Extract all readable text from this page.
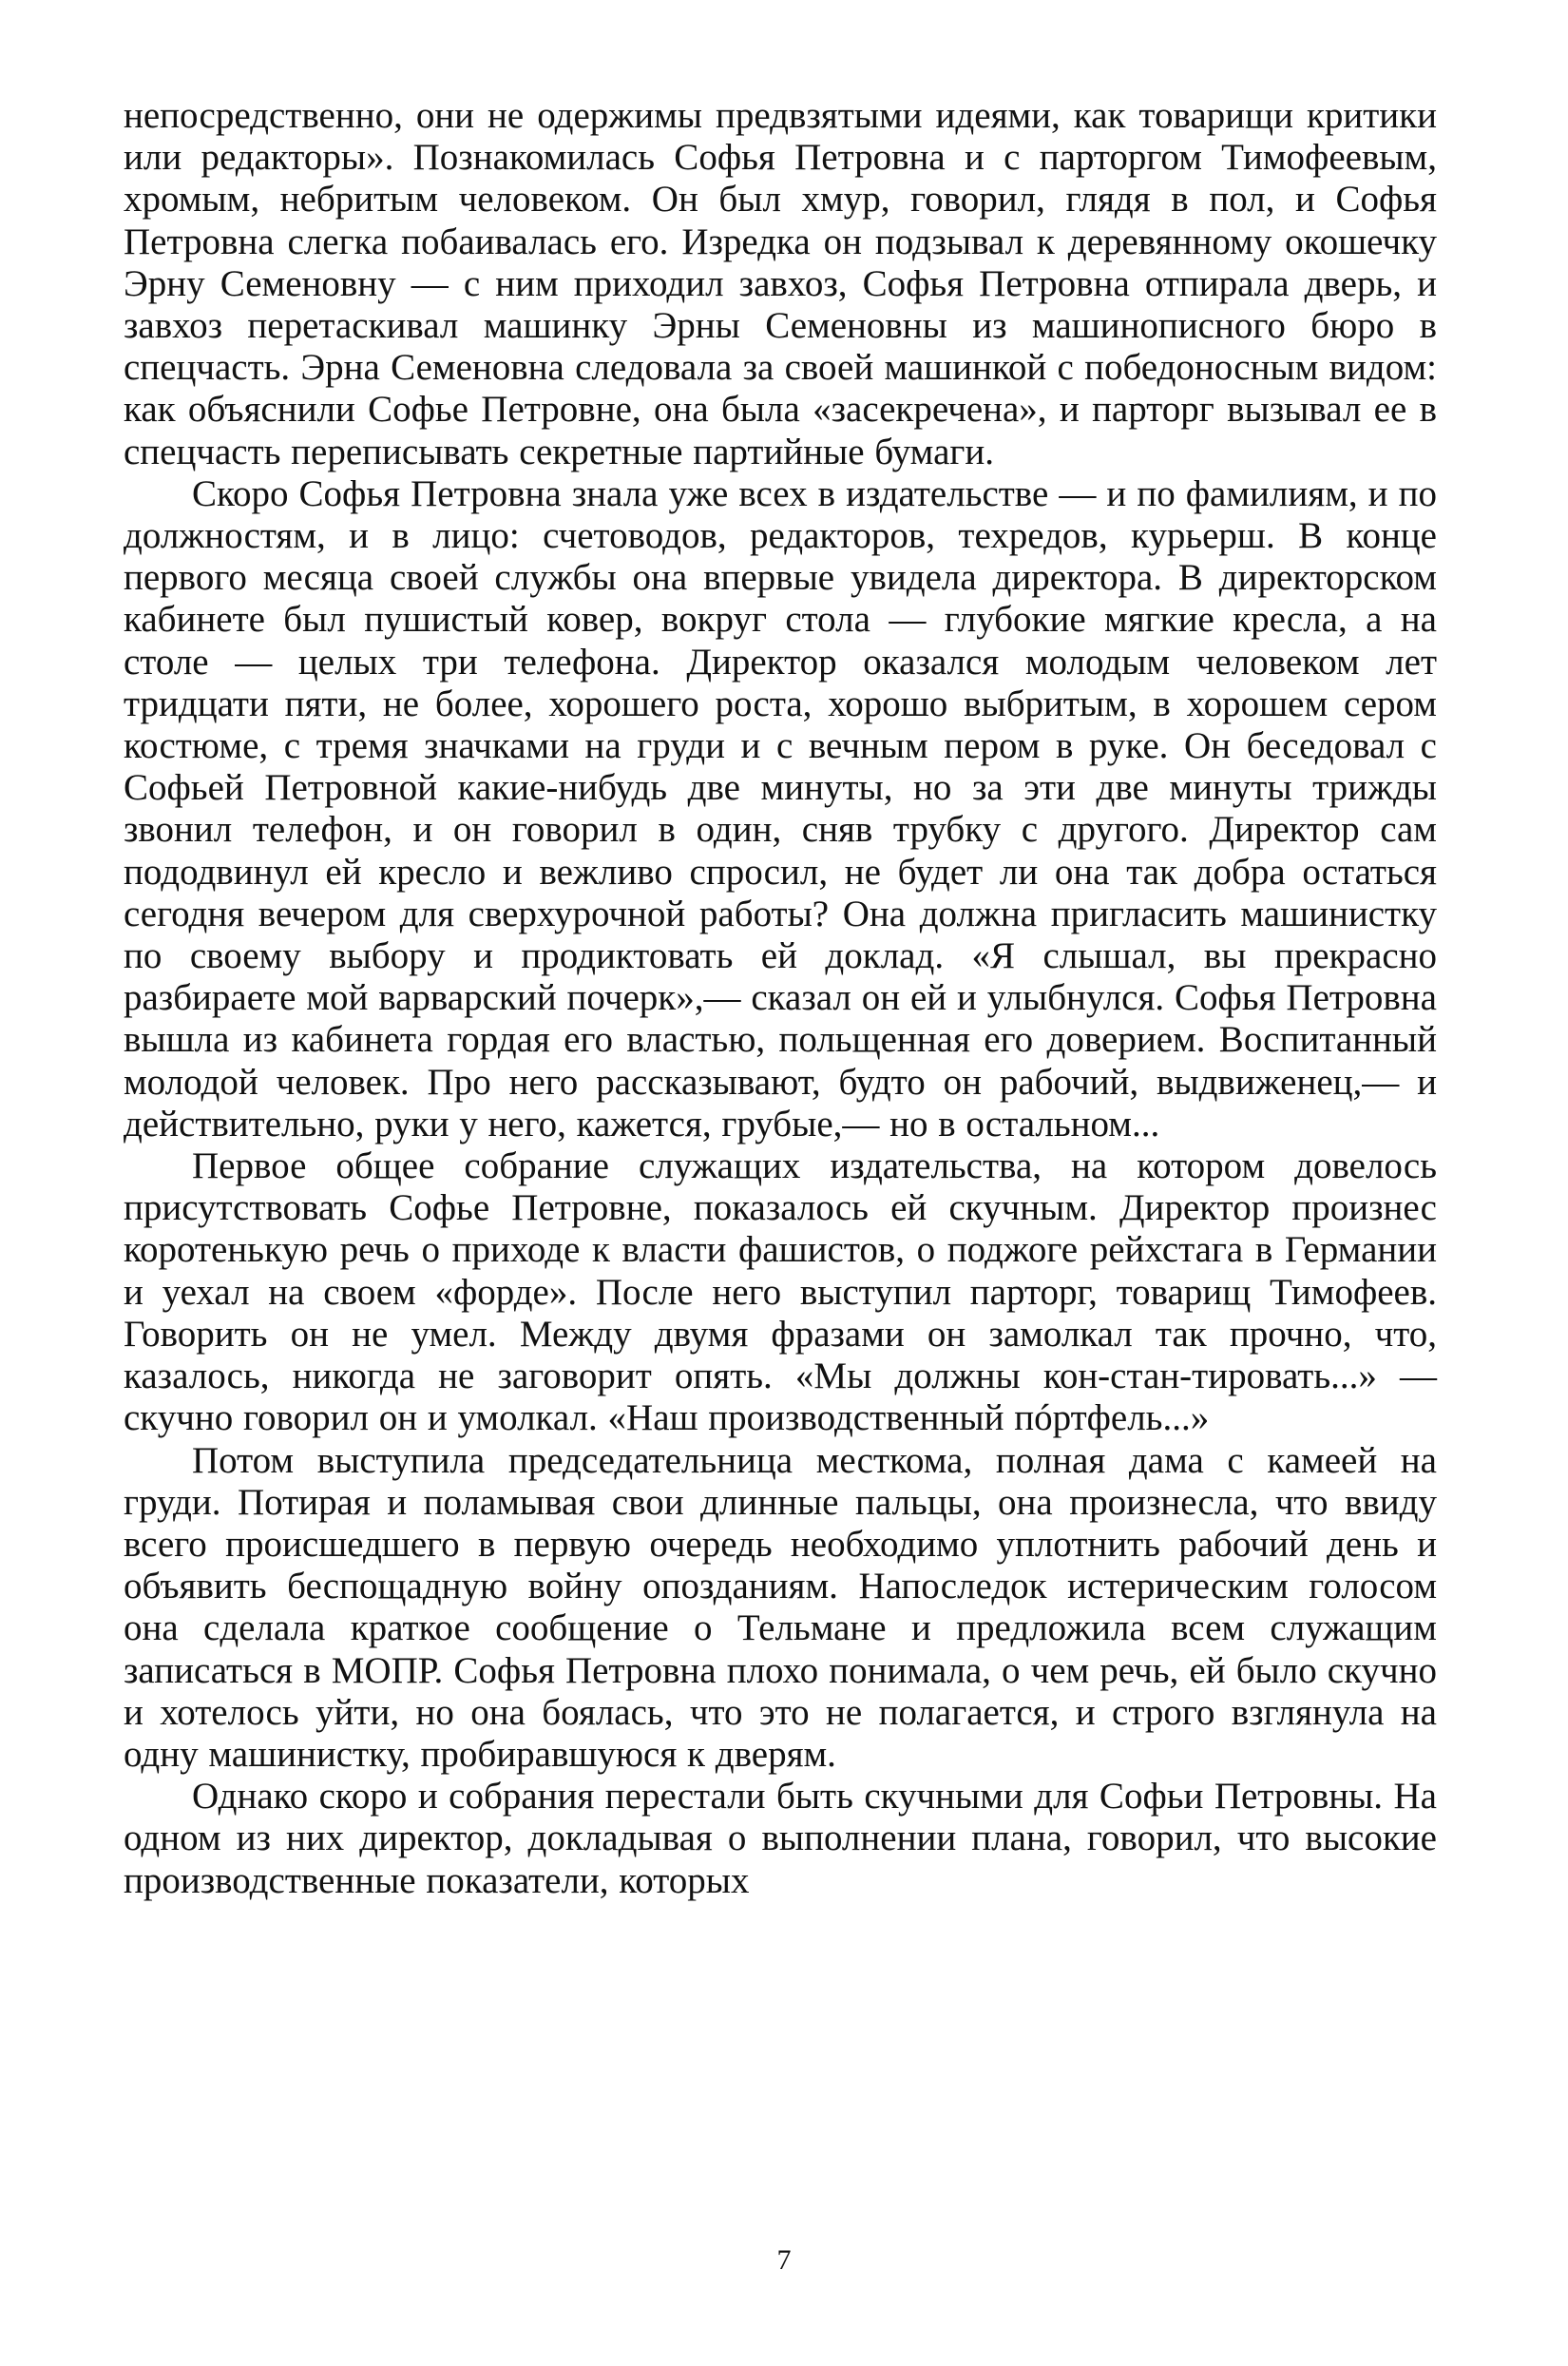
непосредственно, они не одержимы предвзятыми идеями, как товарищи критики или редакторы». Познакомилась Софья Петровна и с парторгом Тимофеевым, хромым, небритым человеком. Он был хмур, говорил, глядя в пол, и Софья Петровна слегка побаивалась его. Изредка он подзывал к деревянному окошечку Эрну Семеновну — с ним приходил завхоз, Софья Петровна отпирала дверь, и завхоз перетаскивал машинку Эрны Семеновны из машинописного бюро в спецчасть. Эрна Семеновна следовала за своей машинкой с победоносным видом: как объяснили Софье Петровне, она была «засекречена», и парторг вызывал ее в спецчасть переписывать секретные партийные бумаги.

Скоро Софья Петровна знала уже всех в издательстве — и по фамилиям, и по должностям, и в лицо: счетоводов, редакторов, техредов, курьерш. В конце первого месяца своей службы она впервые увидела директора. В директорском кабинете был пушистый ковер, вокруг стола — глубокие мягкие кресла, а на столе — целых три телефона. Директор оказался молодым человеком лет тридцати пяти, не более, хорошего роста, хорошо выбритым, в хорошем сером костюме, с тремя значками на груди и с вечным пером в руке. Он беседовал с Софьей Петровной какие-нибудь две минуты, но за эти две минуты трижды звонил телефон, и он говорил в один, сняв трубку с другого. Директор сам пододвинул ей кресло и вежливо спросил, не будет ли она так добра остаться сегодня вечером для сверхурочной работы? Она должна пригласить машинистку по своему выбору и продиктовать ей доклад. «Я слышал, вы прекрасно разбираете мой варварский почерк»,— сказал он ей и улыбнулся. Софья Петровна вышла из кабинета гордая его властью, польщенная его доверием. Воспитанный молодой человек. Про него рассказывают, будто он рабочий, выдвиженец,— и действительно, руки у него, кажется, грубые,— но в остальном...

Первое общее собрание служащих издательства, на котором довелось присутствовать Софье Петровне, показалось ей скучным. Директор произнес коротенькую речь о приходе к власти фашистов, о поджоге рейхстага в Германии и уехал на своем «форде». После него выступил парторг, товарищ Тимофеев. Говорить он не умел. Между двумя фразами он замолкал так прочно, что, казалось, никогда не заговорит опять. «Мы должны кон-стан-тировать...» — скучно говорил он и умолкал. «Наш производственный пóртфель...»

Потом выступила председательница месткома, полная дама с камеей на груди. Потирая и поламывая свои длинные пальцы, она произнесла, что ввиду всего происшедшего в первую очередь необходимо уплотнить рабочий день и объявить беспощадную войну опозданиям. Напоследок истерическим голосом она сделала краткое сообщение о Тельмане и предложила всем служащим записаться в МОПР. Софья Петровна плохо понимала, о чем речь, ей было скучно и хотелось уйти, но она боялась, что это не полагается, и строго взглянула на одну машинистку, пробиравшуюся к дверям.

Однако скоро и собрания перестали быть скучными для Софьи Петровны. На одном из них директор, докладывая о выполнении плана, говорил, что высокие производственные показатели, которых

7
